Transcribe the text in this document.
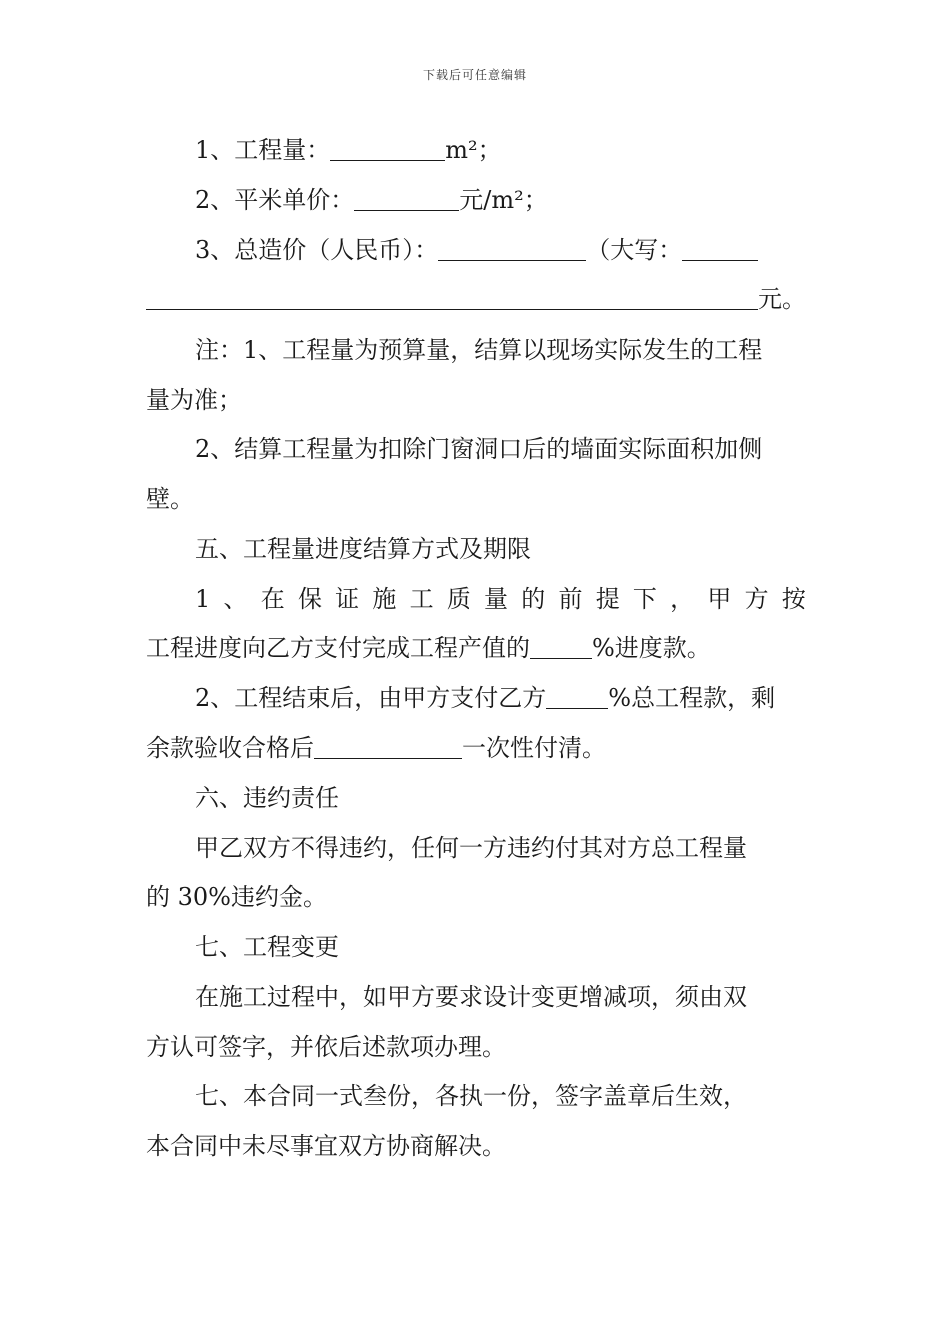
下载后可任意编辑
1、工程量：	m²；
2、平米单价：	元/m²；
3、总造价（人民币）：	（大写：
元。
注：1、工程量为预算量，结算以现场实际发生的工程
量为准；
2、结算工程量为扣除门窗洞口后的墙面实际面积加侧
壁。
五、工程量进度结算方式及期限
1 、 在 保 证 施 工 质 量 的 前 提 下 ， 甲 方 按
工程进度向乙方支付完成工程产值的	%进度款。
2、工程结束后，由甲方支付乙方	%总工程款，剩
余款验收合格后	一次性付清。
六、违约责任
甲乙双方不得违约，任何一方违约付其对方总工程量
的 30%违约金。
七、工程变更
在施工过程中，如甲方要求设计变更增减项，须由双
方认可签字，并依后述款项办理。
七、本合同一式叁份，各执一份，签字盖章后生效，
本合同中未尽事宜双方协商解决。
